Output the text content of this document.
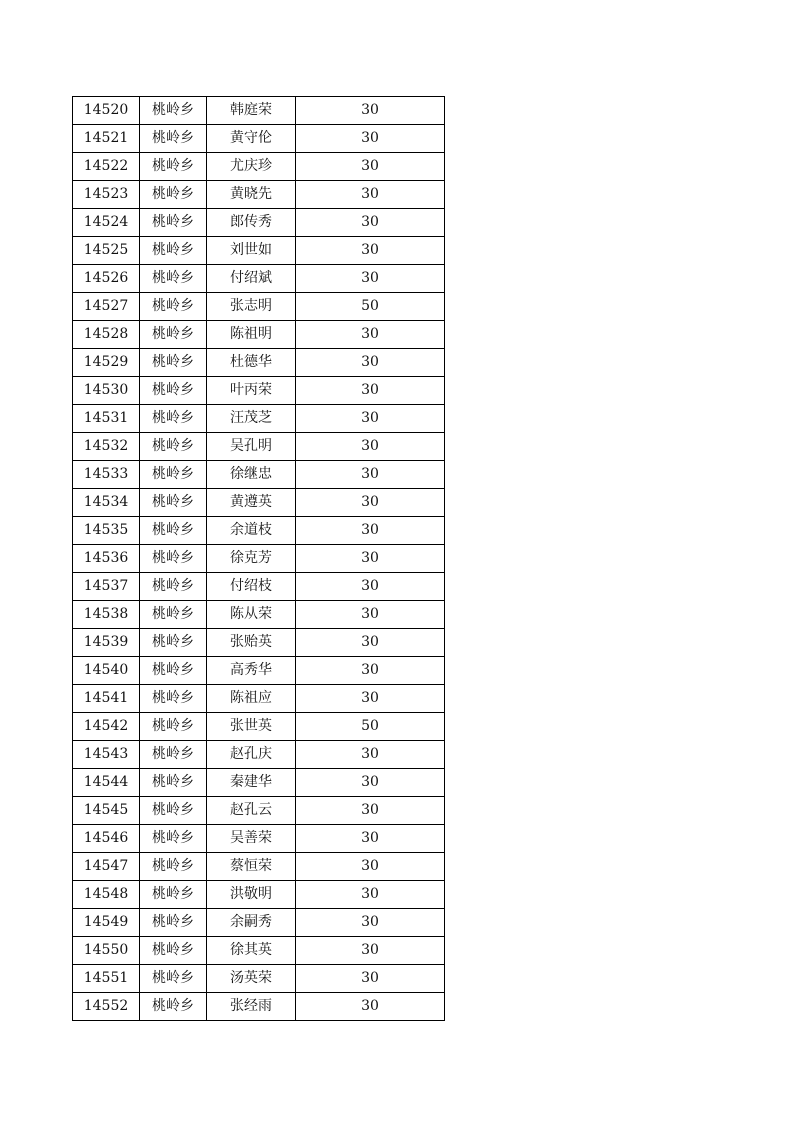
14520	桃岭乡	韩庭荣	30
14521	桃岭乡	黄守伦	30
14522	桃岭乡	尤庆珍	30
14523	桃岭乡	黄晓先	30
14524	桃岭乡	郎传秀	30
14525	桃岭乡	刘世如	30
14526	桃岭乡	付绍斌	30
14527	桃岭乡	张志明	50
14528	桃岭乡	陈祖明	30
14529	桃岭乡	杜德华	30
14530	桃岭乡	叶丙荣	30
14531	桃岭乡	汪茂芝	30
14532	桃岭乡	吴孔明	30
14533	桃岭乡	徐继忠	30
14534	桃岭乡	黄遵英	30
14535	桃岭乡	余道枝	30
14536	桃岭乡	徐克芳	30
14537	桃岭乡	付绍枝	30
14538	桃岭乡	陈从荣	30
14539	桃岭乡	张贻英	30
14540	桃岭乡	高秀华	30
14541	桃岭乡	陈祖应	30
14542	桃岭乡	张世英	50
14543	桃岭乡	赵孔庆	30
14544	桃岭乡	秦建华	30
14545	桃岭乡	赵孔云	30
14546	桃岭乡	吴善荣	30
14547	桃岭乡	蔡恒荣	30
14548	桃岭乡	洪敬明	30
14549	桃岭乡	余嗣秀	30
14550	桃岭乡	徐其英	30
14551	桃岭乡	汤英荣	30
14552	桃岭乡	张经雨	30
